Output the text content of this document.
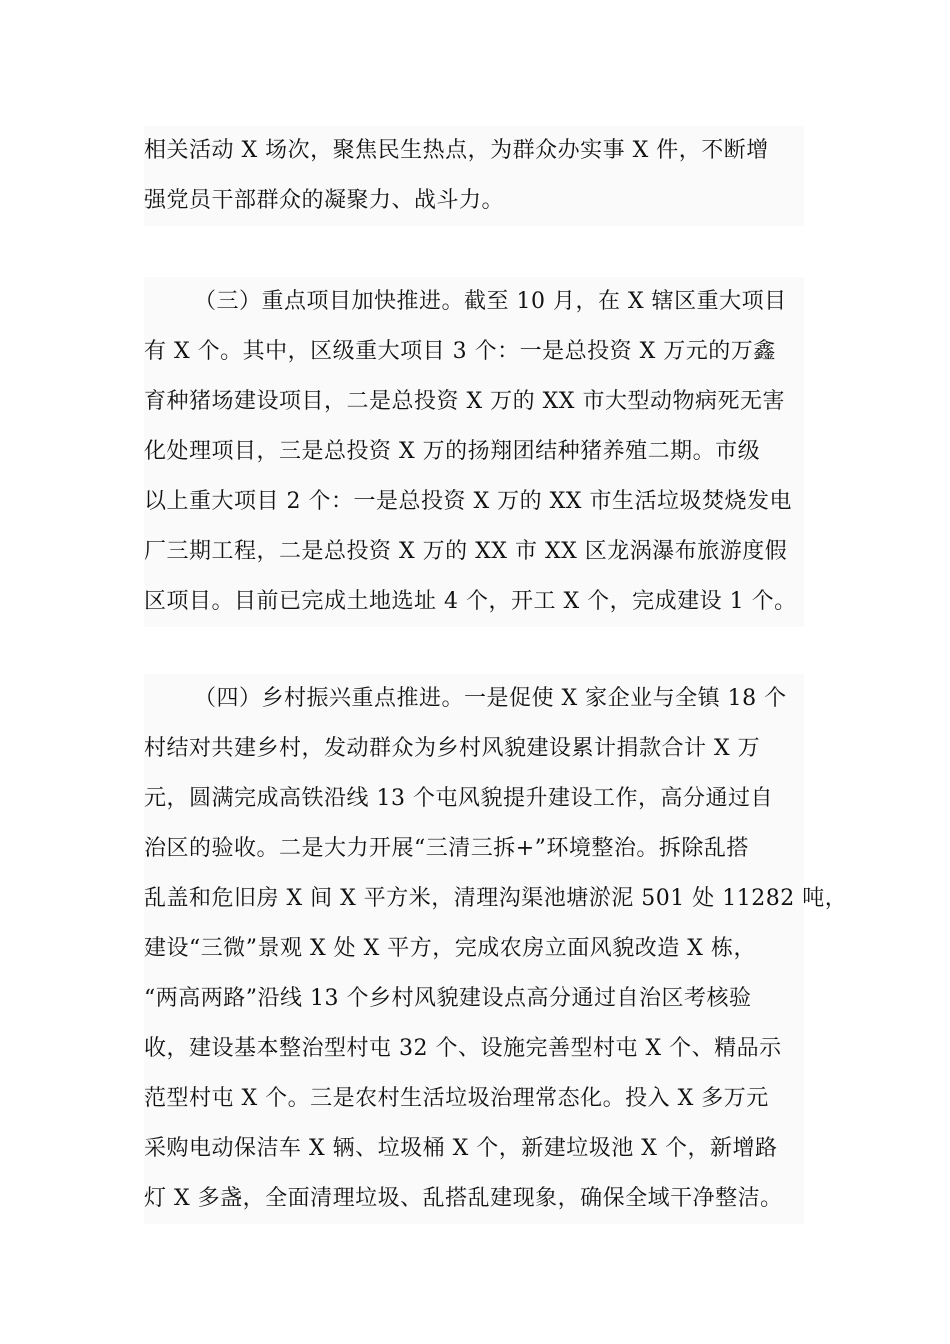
相关活动 X 场次，聚焦民生热点，为群众办实事 X 件，不断增
强党员干部群众的凝聚力、战斗力。
（三）重点项目加快推进。截至 10 月，在 X 辖区重大项目
有 X 个。其中，区级重大项目 3 个：一是总投资 X 万元的万鑫
育种猪场建设项目，二是总投资 X 万的 XX 市大型动物病死无害
化处理项目，三是总投资 X 万的扬翔团结种猪养殖二期。市级
以上重大项目 2 个：一是总投资 X 万的 XX 市生活垃圾焚烧发电
厂三期工程，二是总投资 X 万的 XX 市 XX 区龙涡瀑布旅游度假
区项目。目前已完成土地选址 4 个，开工 X 个，完成建设 1 个。
（四）乡村振兴重点推进。一是促使 X 家企业与全镇 18 个
村结对共建乡村，发动群众为乡村风貌建设累计捐款合计 X 万
元，圆满完成高铁沿线 13 个屯风貌提升建设工作，高分通过自
治区的验收。二是大力开展“三清三拆+”环境整治。拆除乱搭
乱盖和危旧房 X 间 X 平方米，清理沟渠池塘淤泥 501 处 11282 吨，
建设“三微”景观 X 处 X 平方，完成农房立面风貌改造 X 栋，
“两高两路”沿线 13 个乡村风貌建设点高分通过自治区考核验
收，建设基本整治型村屯 32 个、设施完善型村屯 X 个、精品示
范型村屯 X 个。三是农村生活垃圾治理常态化。投入 X 多万元
采购电动保洁车 X 辆、垃圾桶 X 个，新建垃圾池 X 个，新增路
灯 X 多盏，全面清理垃圾、乱搭乱建现象，确保全域干净整洁。
